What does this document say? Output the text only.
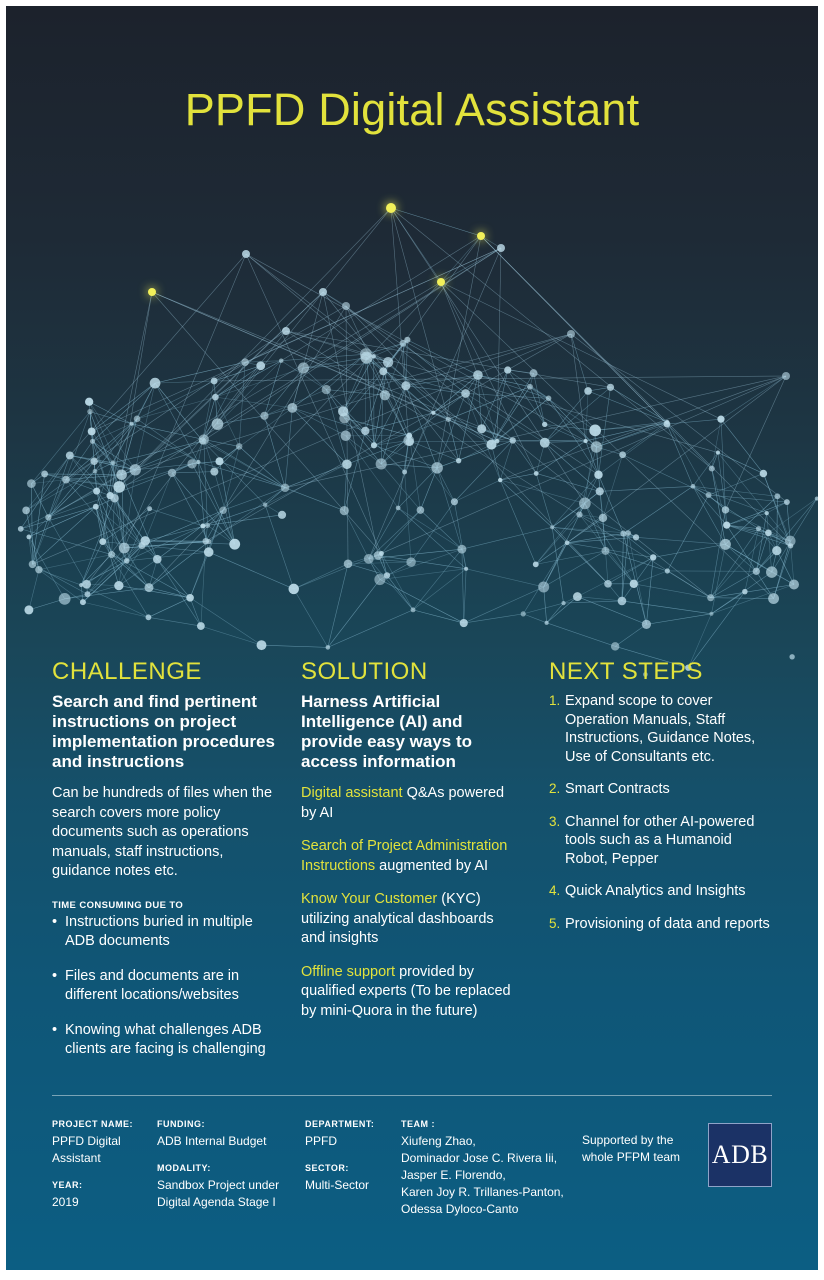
PPFD Digital Assistant
CHALLENGE

Search and find pertinent instructions on project implementation procedures and instructions

Can be hundreds of files when the search covers more policy documents such as operations manuals, staff instructions, guidance notes etc.

TIME CONSUMING DUE TO

• Instructions buried in multiple ADB documents
• Files and documents are in different locations/websites
• Knowing what challenges ADB clients are facing is challenging
SOLUTION

Harness Artificial Intelligence (AI) and provide easy ways to access information

Digital assistant Q&As powered by AI

Search of Project Administration Instructions augmented by AI

Know Your Customer (KYC) utilizing analytical dashboards and insights

Offline support provided by qualified experts (To be replaced by mini-Quora in the future)

NEXT STEPS
1. Expand scope to cover Operation Manuals, Staff Instructions, Guidance Notes, Use of Consultants etc.
2. Smart Contracts
3. Channel for other AI-powered tools such as a Humanoid Robot, Pepper
4. Quick Analytics and Insights
5. Provisioning of data and reports
PROJECT NAME:
PPFD Digital Assistant
YEAR:
2019
FUNDING:
ADB Internal Budget
MODALITY:
Sandbox Project under Digital Agenda Stage I
DEPARTMENT:
PPFD
SECTOR:
Multi-Sector
TEAM :
Xiufeng Zhao,
Dominador Jose C. Rivera Iii,
Jasper E. Florendo,
Karen Joy R. Trillanes-Panton,
Odessa Dyloco-Canto
Supported by the whole PFPM team	ADB
